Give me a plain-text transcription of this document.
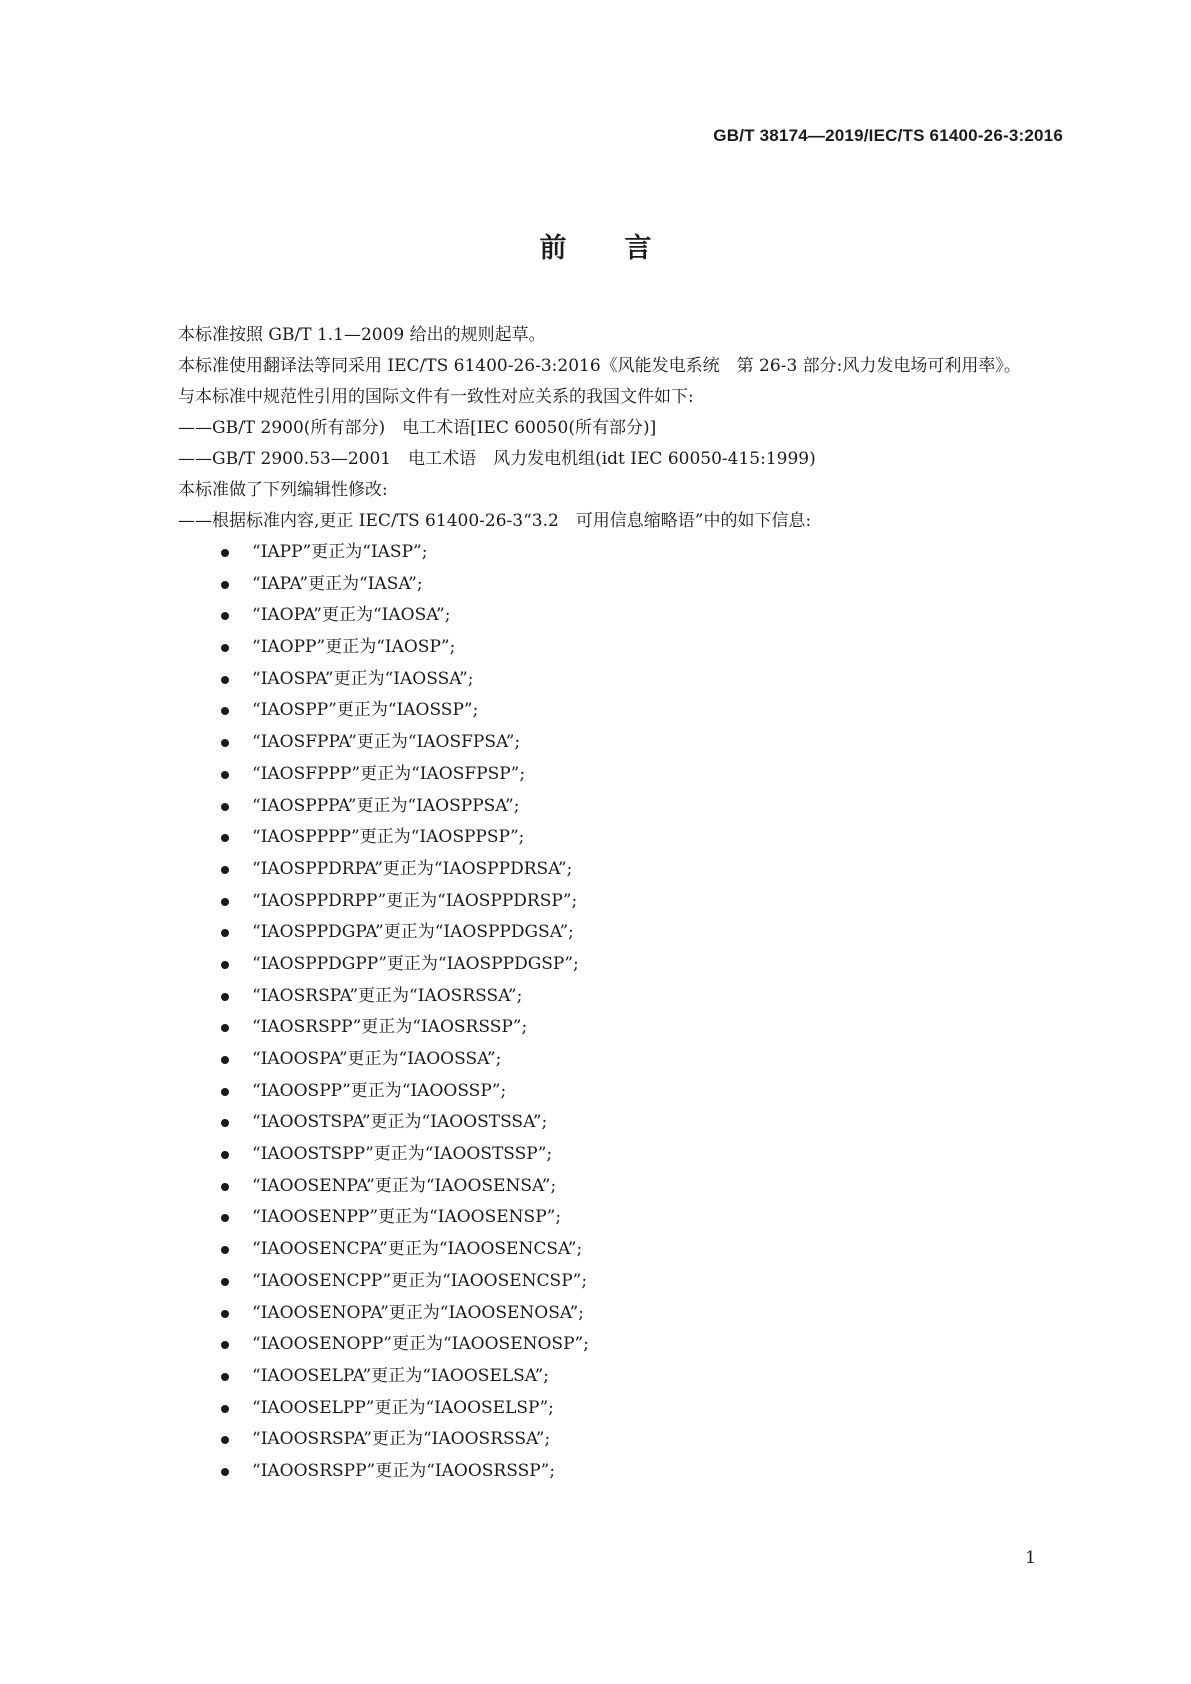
GB/T 38174—2019/IEC/TS 61400-26-3:2016
前言
本标准按照 GB/T 1.1—2009 给出的规则起草。
本标准使用翻译法等同采用 IEC/TS 61400-26-3:2016《风能发电系统　第 26-3 部分:风力发电场可利用率》。
与本标准中规范性引用的国际文件有一致性对应关系的我国文件如下:
——GB/T 2900(所有部分)　电工术语[IEC 60050(所有部分)]
——GB/T 2900.53—2001　电工术语　风力发电机组(idt IEC 60050-415:1999)
本标准做了下列编辑性修改:
——根据标准内容,更正 IEC/TS 61400-26-3“3.2　可用信息缩略语”中的如下信息:
“IAPP”更正为“IASP”;
“IAPA”更正为“IASA”;
“IAOPA”更正为“IAOSA”;
“IAOPP”更正为“IAOSP”;
“IAOSPA”更正为“IAOSSA”;
“IAOSPP”更正为“IAOSSP”;
“IAOSFPPA”更正为“IAOSFPSA”;
“IAOSFPPP”更正为“IAOSFPSP”;
“IAOSPPPA”更正为“IAOSPPSA”;
“IAOSPPPP”更正为“IAOSPPSP”;
“IAOSPPDRPA”更正为“IAOSPPDRSA”;
“IAOSPPDRPP”更正为“IAOSPPDRSP”;
“IAOSPPDGPA”更正为“IAOSPPDGSA”;
“IAOSPPDGPP”更正为“IAOSPPDGSP”;
“IAOSRSPA”更正为“IAOSRSSA”;
“IAOSRSPP”更正为“IAOSRSSP”;
“IAOOSPA”更正为“IAOOSSA”;
“IAOOSPP”更正为“IAOOSSP”;
“IAOOSTSPA”更正为“IAOOSTSSA”;
“IAOOSTSPP”更正为“IAOOSTSSP”;
“IAOOSENPA”更正为“IAOOSENSA”;
“IAOOSENPP”更正为“IAOOSENSP”;
“IAOOSENCPA”更正为“IAOOSENCSA”;
“IAOOSENCPP”更正为“IAOOSENCSP”;
“IAOOSENOPA”更正为“IAOOSENOSA”;
“IAOOSENOPP”更正为“IAOOSENOSP”;
“IAOOSELPA”更正为“IAOOSELSA”;
“IAOOSELPP”更正为“IAOOSELSP”;
“IAOOSRSPA”更正为“IAOOSRSSA”;
“IAOOSRSPP”更正为“IAOOSRSSP”;
1
